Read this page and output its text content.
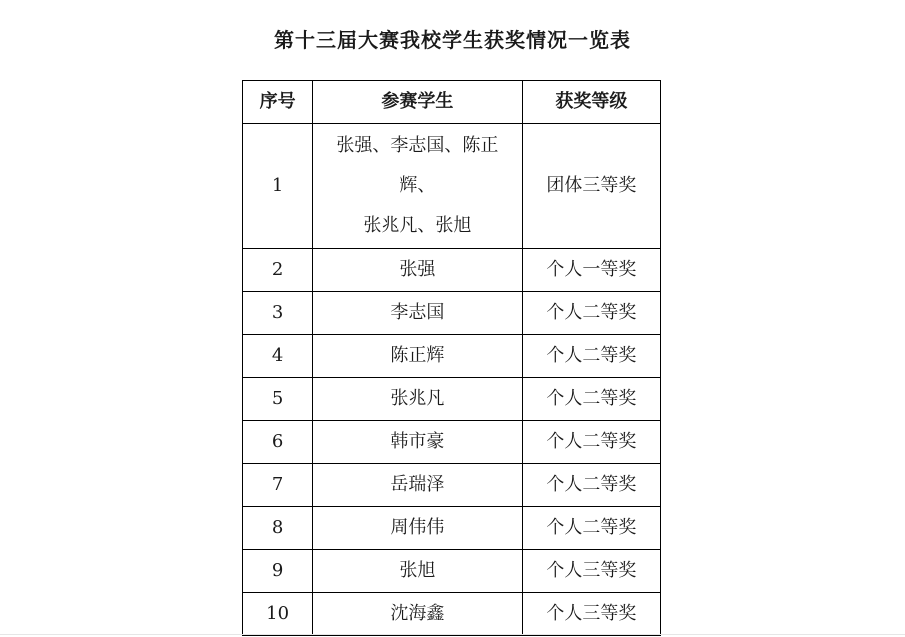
第十三届大赛我校学生获奖情况一览表
序号	参赛学生	获奖等级
1	张强、李志国、陈正
辉、
张兆凡、张旭	团体三等奖
2	张强	个人一等奖
3	李志国	个人二等奖
4	陈正辉	个人二等奖
5	张兆凡	个人二等奖
6	韩市豪	个人二等奖
7	岳瑞泽	个人二等奖
8	周伟伟	个人二等奖
9	张旭	个人三等奖
10	沈海鑫	个人三等奖
